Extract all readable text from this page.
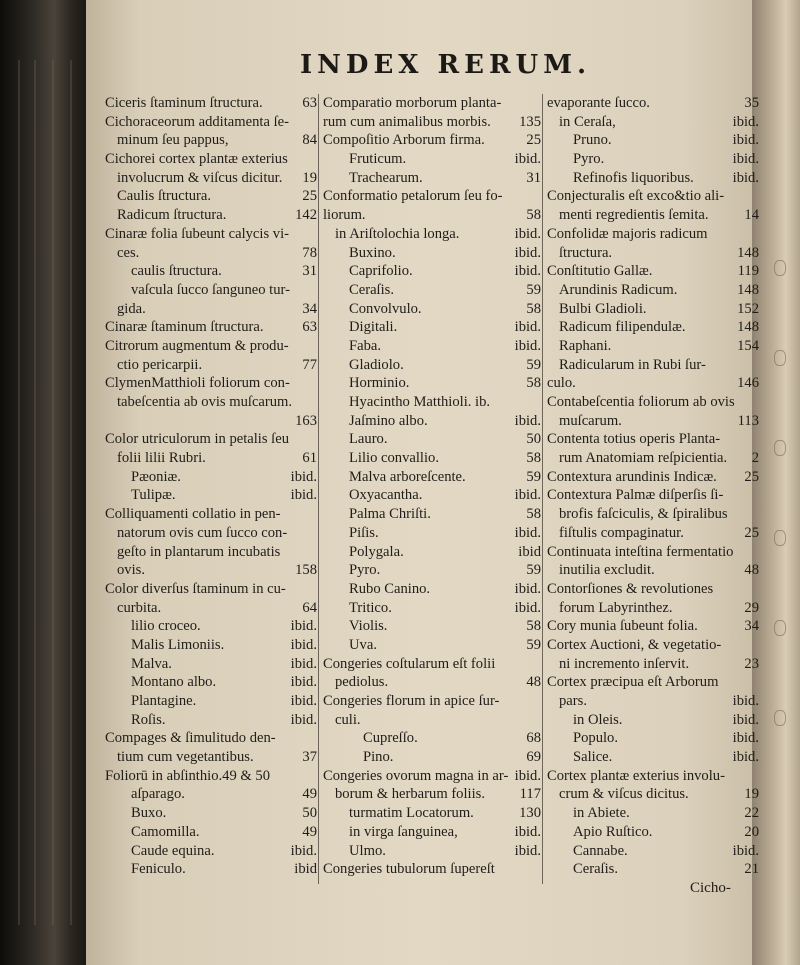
INDEX RERUM.
Ciceris ſtaminum ſtructura.	63
Cichoraceorum additamenta ſe-
minum ſeu pappus,	84
Cichorei cortex plantæ exterius
involucrum & viſcus dicitur.	19
Caulis ſtructura.	25
Radicum ſtructura.	142
Cinaræ folia ſubeunt calycis vi-
ces.	78
caulis ſtructura.	31
vaſcula ſucco ſanguneo tur-
gida.	34
Cinaræ ſtaminum ſtructura.	63
Citrorum augmentum & produ-
ctio pericarpii.	77
ClymenMatthioli foliorum con-
tabeſcentia ab ovis muſcarum.
163
Color utriculorum in petalis ſeu
folii lilii Rubri.	61
Pæoniæ.	ibid.
Tulipæ.	ibid.
Colliquamenti collatio in pen-
natorum ovis cum ſucco con-
geſto in plantarum incubatis
ovis.	158
Color diverſus ſtaminum in cu-
curbita.	64
lilio croceo.	ibid.
Malis Limoniis.	ibid.
Malva.	ibid.
Montano albo.	ibid.
Plantagine.	ibid.
Roſis.	ibid.
Compages & ſimulitudo den-
tium cum vegetantibus.	37
Foliorū in abſinthio.49 & 50
aſparago.	49
Buxo.	50
Camomilla.	49
Caude equina.	ibid.
Feniculo.	ibid
Comparatio morborum planta-
rum cum animalibus morbis.	135
Compoſitio Arborum firma.	25
Fruticum.	ibid.
Trachearum.	31
Conformatio petalorum ſeu fo-
liorum.	58
in Ariſtolochia longa.	ibid.
Buxino.	ibid.
Caprifolio.	ibid.
Ceraſis.	59
Convolvulo.	58
Digitali.	ibid.
Faba.	ibid.
Gladiolo.	59
Horminio.	58
Hyacintho Matthioli. ib.
Jaſmino albo.	ibid.
Lauro.	50
Lilio convallio.	58
Malva arboreſcente.	59
Oxyacantha.	ibid.
Palma Chriſti.	58
Piſis.	ibid.
Polygala.	ibid
Pyro.	59
Rubo Canino.	ibid.
Tritico.	ibid.
Violis.	58
Uva.	59
Congeries coſtularum eſt folii
pediolus.	48
Congeries florum in apice ſur-
culi.
Cupreſſo.	68
Pino.	69
Congeries ovorum magna in ar- ibid.
borum & herbarum foliis.	117
turmatim Locatorum.	130
in virga ſanguinea,	ibid.
Ulmo.	ibid.
Congeries tubulorum ſupereſt
evaporante ſucco.	35
in Ceraſa,	ibid.
Pruno.	ibid.
Pyro.	ibid.
Refinofis liquoribus.	ibid.
Conjecturalis eſt exco&tio ali-
menti regredientis ſemita.	14
Confolidæ majoris radicum
ſtructura.	148
Conſtitutio Gallæ.	119
Arundinis Radicum.	148
Bulbi Gladioli.	152
Radicum filipendulæ.	148
Raphani.	154
Radicularum in Rubi ſur-
culo.	146
Contabeſcentia foliorum ab ovis
muſcarum.	113
Contenta totius operis Planta-
rum Anatomiam reſpicientia.	2
Contextura arundinis Indicæ.	25
Contextura Palmæ diſperſis ſi-
brofis faſciculis, & ſpiralibus
fiſtulis compaginatur.	25
Continuata inteſtina fermentatio
inutilia excludit.	48
Contorſiones & revolutiones
forum Labyrinthez.	29
Cory munia ſubeunt folia.	34
Cortex Auctioni, & vegetatio-
ni incremento inſervit.	23
Cortex præcipua eſt Arborum
pars.	ibid.
in Oleis.	ibid.
Populo.	ibid.
Salice.	ibid.
Cortex plantæ exterius involu-
crum & viſcus dicitus.	19
in Abiete.	22
Apio Ruſtico.	20
Cannabe.	ibid.
Ceraſis.	21
Cicho-
